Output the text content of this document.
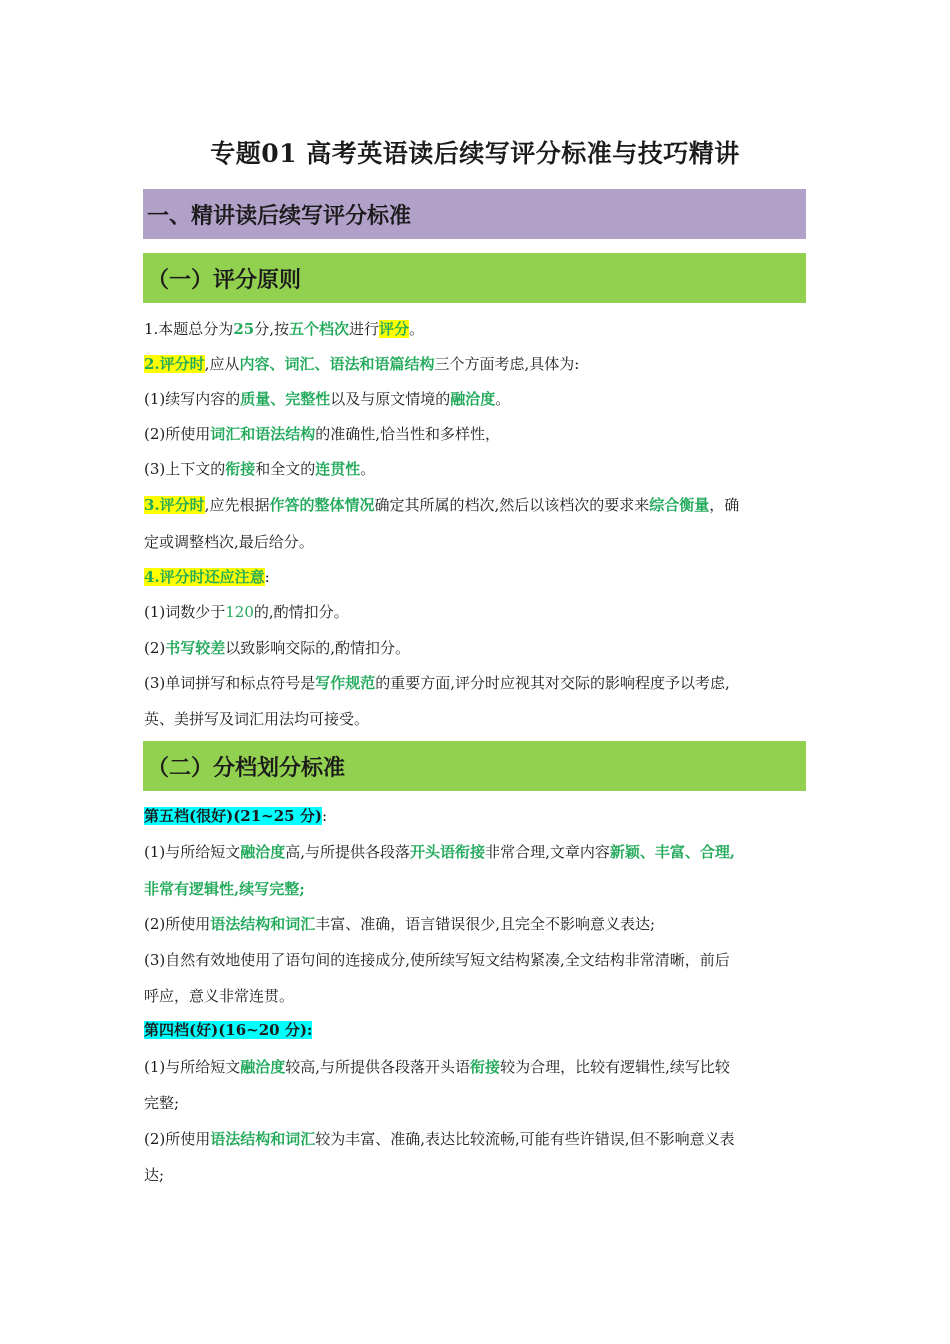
专题01 高考英语读后续写评分标准与技巧精讲
一、精讲读后续写评分标准
（一）评分原则
1.本题总分为25分,按五个档次进行评分。
2.评分时,应从内容、词汇、语法和语篇结构三个方面考虑,具体为:
(1)续写内容的质量、完整性以及与原文情境的融洽度。
(2)所使用词汇和语法结构的准确性,恰当性和多样性，
(3)上下文的衔接和全文的连贯性。
3.评分时,应先根据作答的整体情况确定其所属的档次,然后以该档次的要求来综合衡量，确
定或调整档次,最后给分。
4.评分时还应注意:
(1)词数少于120的,酌情扣分。
(2)书写较差以致影响交际的,酌情扣分。
(3)单词拼写和标点符号是写作规范的重要方面,评分时应视其对交际的影响程度予以考虑,
英、美拼写及词汇用法均可接受。
（二）分档划分标准
第五档(很好)(21~25 分):
(1)与所给短文融洽度高,与所提供各段落开头语衔接非常合理,文章内容新颖、丰富、合理,
非常有逻辑性,续写完整;
(2)所使用语法结构和词汇丰富、准确，语言错误很少,且完全不影响意义表达;
(3)自然有效地使用了语句间的连接成分,使所续写短文结构紧凑,全文结构非常清晰，前后
呼应，意义非常连贯。
第四档(好)(16~20 分):
(1)与所给短文融洽度较高,与所提供各段落开头语衔接较为合理，比较有逻辑性,续写比较
完整;
(2)所使用语法结构和词汇较为丰富、准确,表达比较流畅,可能有些许错误,但不影响意义表
达;
